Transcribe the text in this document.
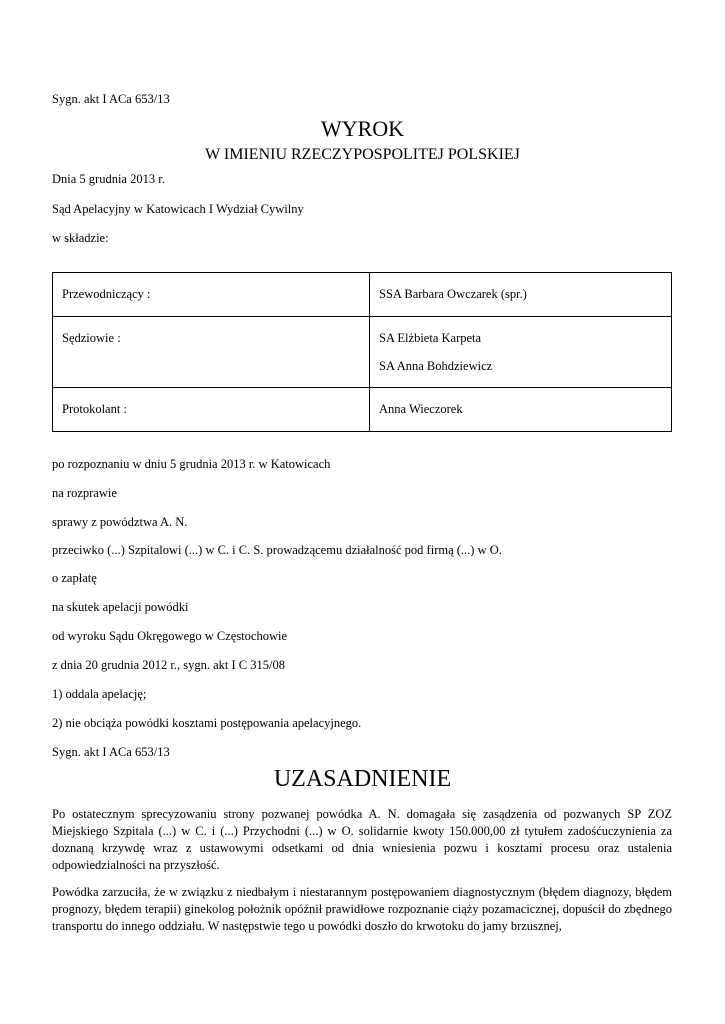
Sygn. akt I ACa 653/13
WYROK
W IMIENIU RZECZYPOSPOLITEJ POLSKIEJ
Dnia 5 grudnia 2013 r.
Sąd Apelacyjny w Katowicach I Wydział Cywilny
w składzie:
Przewodniczący :	SSA Barbara Owczarek (spr.)
Sędziowie :	SA Elżbieta Karpeta
SA Anna Bohdziewicz

Protokolant :	Anna Wieczorek
po rozpoznaniu w dniu 5 grudnia 2013 r. w Katowicach
na rozprawie
sprawy z powództwa A. N.
przeciwko (...) Szpitalowi (...) w C. i C. S. prowadzącemu działalność pod firmą (...) w O.
o zapłatę
na skutek apelacji powódki
od wyroku Sądu Okręgowego w Częstochowie
z dnia 20 grudnia 2012 r., sygn. akt I C 315/08
1) oddala apelację;
2) nie obciąża powódki kosztami postępowania apelacyjnego.
Sygn. akt I ACa 653/13
UZASADNIENIE
Po ostatecznym sprecyzowaniu strony pozwanej powódka A. N. domagała się zasądzenia od pozwanych SP ZOZ Miejskiego Szpitala (...) w C. i (...) Przychodni (...) w O. solidarnie kwoty 150.000,00 zł tytułem zadośćuczynienia za doznaną krzywdę wraz z ustawowymi odsetkami od dnia wniesienia pozwu i kosztami procesu oraz ustalenia odpowiedzialności na przyszłość.
Powódka zarzuciła, że w związku z niedbałym i niestarannym postępowaniem diagnostycznym (błędem diagnozy, błędem prognozy, błędem terapii) ginekolog położnik opóźnił prawidłowe rozpoznanie ciąży pozamacicznej, dopuścił do zbędnego transportu do innego oddziału. W następstwie tego u powódki doszło do krwotoku do jamy brzusznej,
